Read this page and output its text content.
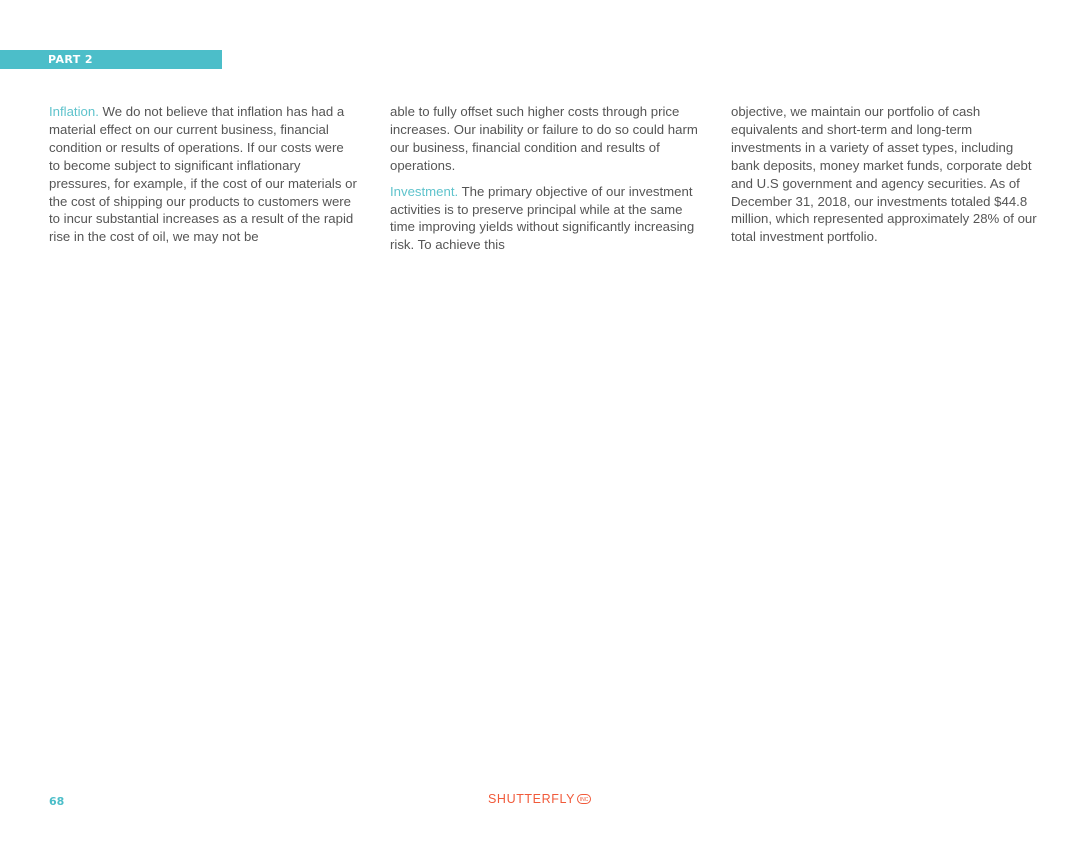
PART 2

Inflation. We do not believe that inflation has had a material effect on our current business, financial condition or results of operations. If our costs were to become subject to significant inflationary pressures, for example, if the cost of our materials or the cost of shipping our products to customers were to incur substantial increases as a result of the rapid rise in the cost of oil, we may not be

able to fully offset such higher costs through price increases. Our inability or failure to do so could harm our business, financial condition and results of operations.

Investment. The primary objective of our investment activities is to preserve principal while at the same time improving yields without significantly increasing risk. To achieve this

objective, we maintain our portfolio of cash equivalents and short-term and long-term investments in a variety of asset types, including bank deposits, money market funds, corporate debt and U.S government and agency securities. As of December 31, 2018, our investments totaled $44.8 million, which represented approximately 28% of our total investment portfolio.

68	SHUTTERFLY INC
